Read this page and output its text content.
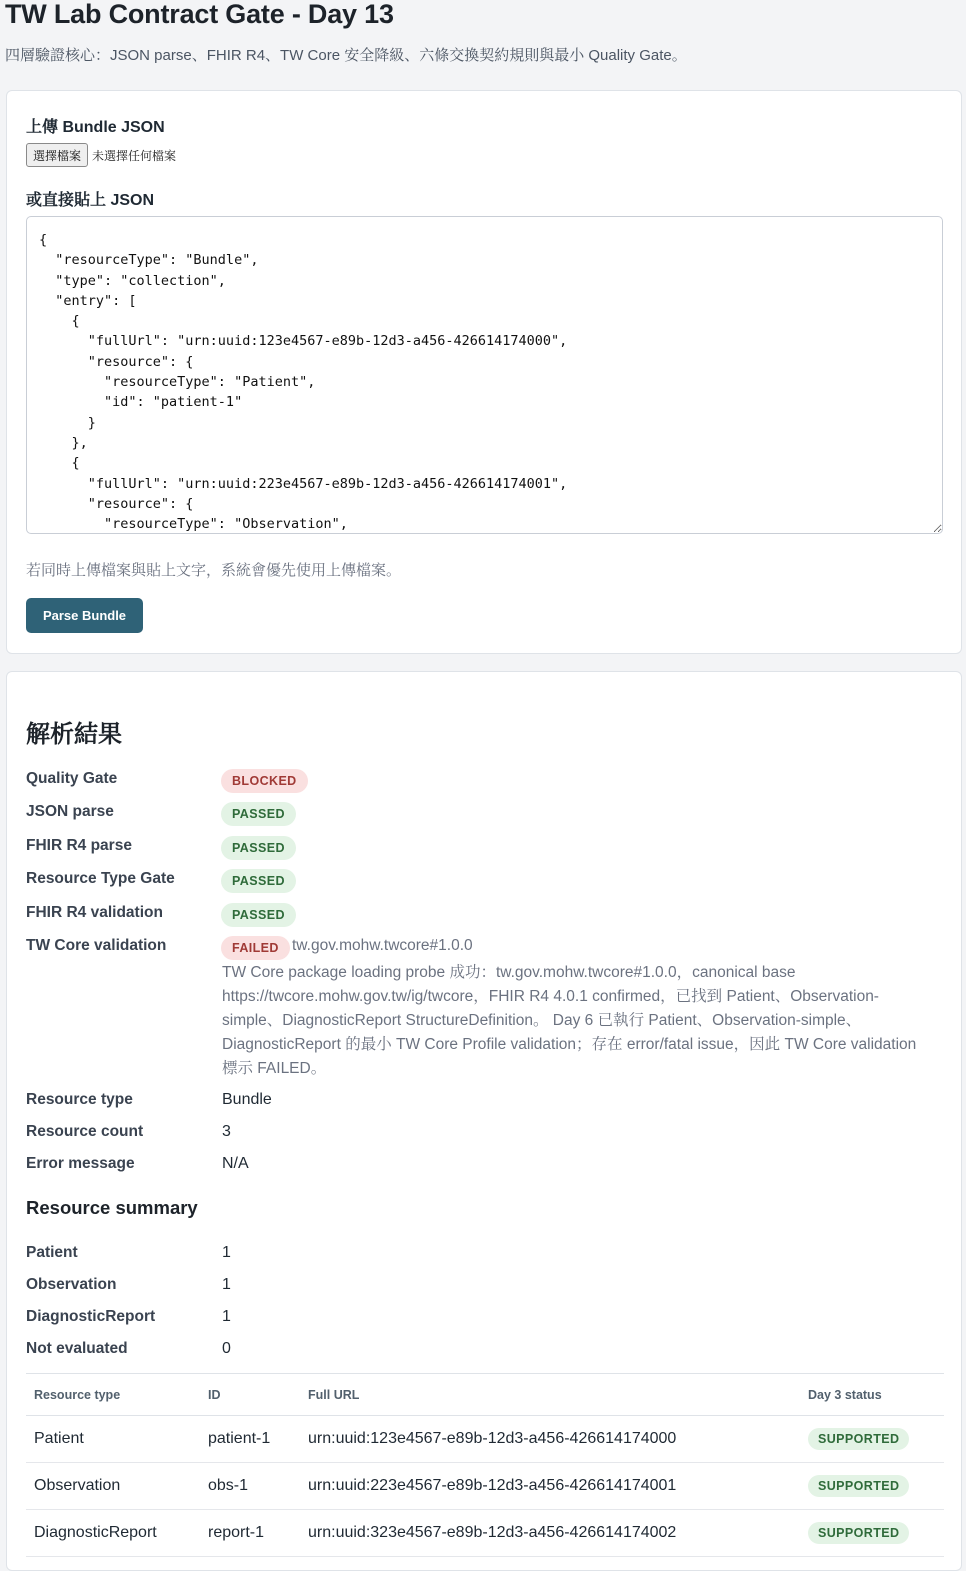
TW Lab Contract Gate - Day 13

四層驗證核心：JSON parse、FHIR R4、TW Core 安全降級、六條交換契約規則與最小 Quality Gate。

上傳 Bundle JSON
選擇檔案 未選擇任何檔案
或直接貼上 JSON
{ "resourceType": "Bundle", "type": "collection", "entry": [ { "fullUrl": "urn:uuid:123e4567-e89b-12d3-a456-426614174000", "resource": { "resourceType": "Patient", "id": "patient-1" } }, { "fullUrl": "urn:uuid:223e4567-e89b-12d3-a456-426614174001", "resource": { "resourceType": "Observation",

若同時上傳檔案與貼上文字，系統會優先使用上傳檔案。

Parse Bundle
解析結果
Quality Gate	BLOCKED
JSON parse	PASSED
FHIR R4 parse	PASSED
Resource Type Gate	PASSED
FHIR R4 validation	PASSED
TW Core validation	FAILED tw.gov.mohw.twcore#1.0.0

TW Core package loading probe 成功：tw.gov.mohw.twcore#1.0.0，canonical base https://twcore.mohw.gov.tw/ig/twcore，FHIR R4 4.0.1 confirmed，已找到 Patient、Observation-simple、DiagnosticReport StructureDefinition。 Day 6 已執行 Patient、Observation-simple、DiagnosticReport 的最小 TW Core Profile validation；存在 error/fatal issue，因此 TW Core validation 標示 FAILED。

Resource type	Bundle
Resource count	3
Error message	N/A
Resource summary
Patient	1
Observation	1
DiagnosticReport	1
Not evaluated	0
Resource type	ID	Full URL	Day 3 status
Patient	patient-1	urn:uuid:123e4567-e89b-12d3-a456-426614174000	SUPPORTED
Observation	obs-1	urn:uuid:223e4567-e89b-12d3-a456-426614174001	SUPPORTED
DiagnosticReport	report-1	urn:uuid:323e4567-e89b-12d3-a456-426614174002	SUPPORTED
